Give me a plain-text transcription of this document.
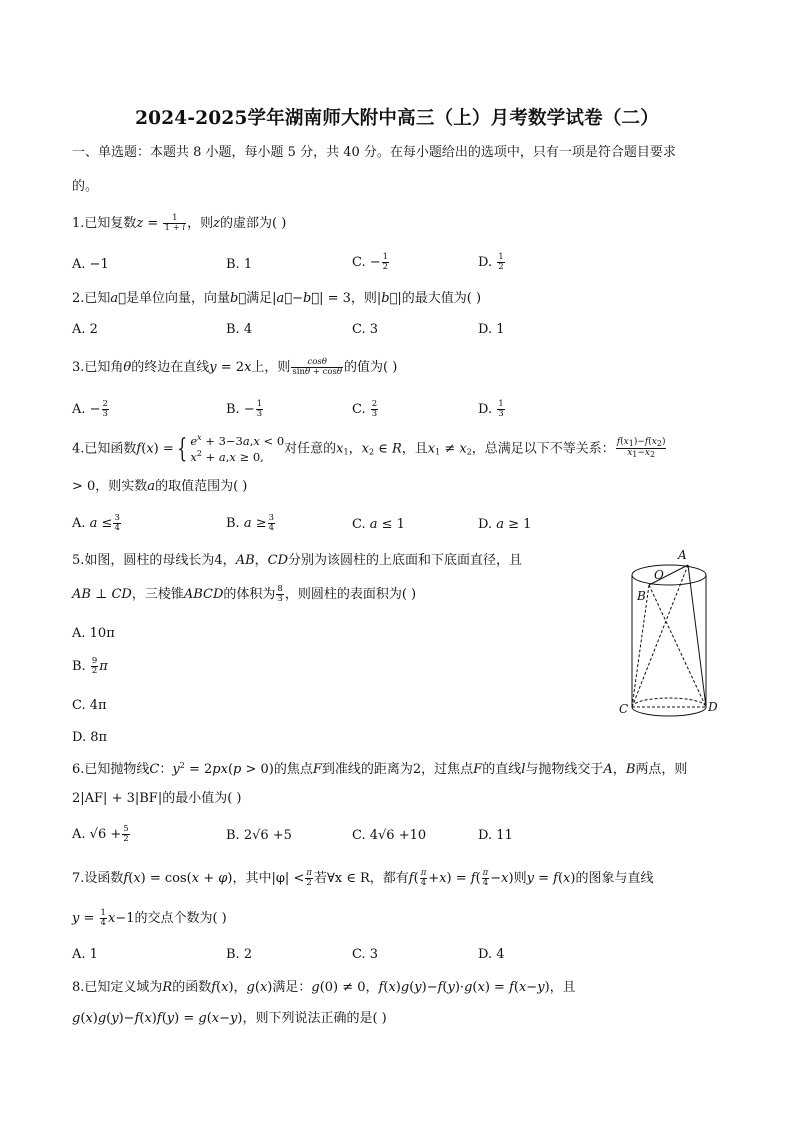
2024-2025学年湖南师大附中高三（上）月考数学试卷（二）
一、单选题：本题共 8 小题，每小题 5 分，共 40 分。在每小题给出的选项中，只有一项是符合题目要求
的。
1.已知复数$z = \frac{1}{1 + i}$ ，则z的虚部为( )
A. −1	B. 1	C. − $\frac{1}{2}$	D. $\frac{1}{2}$
2.已知a⃗是单位向量，向量b⃗满足|a⃗−b⃗| = 3，则|b⃗|的最大值为( )
A. 2	B. 4	C. 3	D. 1
3.已知角θ的终边在直线y = 2x上，则 $\frac{\cos\theta}{\sin\theta + \cos\theta}$ 的值为( )
A. − $\frac{2}{3}$	B. − $\frac{1}{3}$	C. $\frac{2}{3}$	D. $\frac{1}{3}$
4.已知函数f(x) = { $e^x + 3-3a,x < 0$
$x^2 + a,x \ge 0$,
对任意的$x_1$，$x_2$ ∈ R，且$x_1 \ne x_2$，总满足以下不等关系： $\frac{f(x1)-f(x2)}{x1-x2}$
> 0，则实数a的取值范围为( )
A. $a \le \frac{3}{4}$	B. $a \ge \frac{3}{4}$	C. a ≤ 1	D. a ≥ 1
5.如图，圆柱的母线长为4，AB，CD分别为该圆柱的上底面和下底面直径，且
AB ⊥ CD，三棱锥ABCD的体积为 $\frac{8}{3}$ ，则圆柱的表面积为( )
A. 10π
B. $\frac{9}{2}$ π
C. 4π
D. 8π
A
O
B
C	D
6.已知抛物线C：$y^2 = 2px(p > 0)$的焦点F到准线的距离为2，过焦点F的直线l与抛物线交于A，B两点，则
2|AF| + 3|BF|的最小值为( )
A. $√6 + \frac{5}{2}$	B. 2√6 +5	C. 4√6 +10	D. 11
7.设函数f(x) = cos(x + φ)，其中$|\varphi| < \frac{\pi}{2}$ 若∀x ∈ R，都有$f( \frac{\pi}{4} +x) = f( \frac{\pi}{4} -x)$则y = f(x)的图象与直线
$y = \frac{1}{4} x-1$的交点个数为( )
A. 1	B. 2	C. 3	D. 4
8.已知定义域为R的函数f(x)，g(x)满足：g(0) ≠ 0，f(x)g(y)−f(y)·g(x) = f(x−y)，且
g(x)g(y)−f(x)f(y) = g(x−y)，则下列说法正确的是( )
